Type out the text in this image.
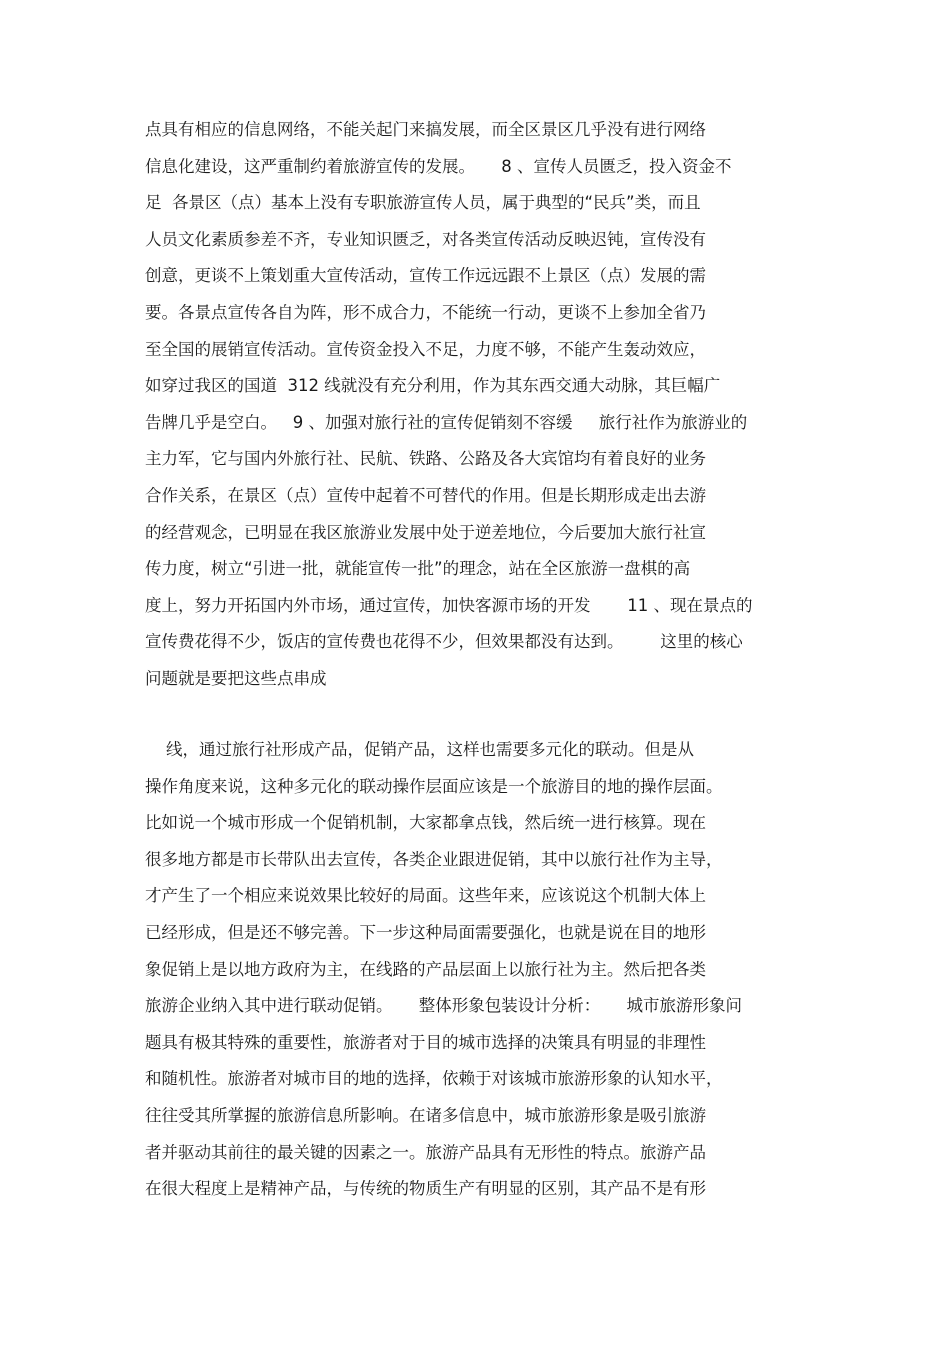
点具有相应的信息网络，不能关起门来搞发展，而全区景区几乎没有进行网络
信息化建设，这严重制约着旅游宣传的发展。     8 、宣传人员匮乏，投入资金不
足  各景区（点）基本上没有专职旅游宣传人员，属于典型的“民兵”类，而且
人员文化素质参差不齐，专业知识匮乏，对各类宣传活动反映迟钝，宣传没有
创意，更谈不上策划重大宣传活动，宣传工作远远跟不上景区（点）发展的需
要。各景点宣传各自为阵，形不成合力，不能统一行动，更谈不上参加全省乃
至全国的展销宣传活动。宣传资金投入不足，力度不够，不能产生轰动效应，
如穿过我区的国道  312 线就没有充分利用，作为其东西交通大动脉，其巨幅广
告牌几乎是空白。   9 、加强对旅行社的宣传促销刻不容缓     旅行社作为旅游业的
主力军，它与国内外旅行社、民航、铁路、公路及各大宾馆均有着良好的业务
合作关系，在景区（点）宣传中起着不可替代的作用。但是长期形成走出去游
的经营观念，已明显在我区旅游业发展中处于逆差地位，今后要加大旅行社宣
传力度，树立“引进一批，就能宣传一批”的理念，站在全区旅游一盘棋的高
度上，努力开拓国内外市场，通过宣传，加快客源市场的开发       11 、现在景点的
宣传费花得不少，饭店的宣传费也花得不少，但效果都没有达到。       这里的核心
问题就是要把这些点串成
线，通过旅行社形成产品，促销产品，这样也需要多元化的联动。但是从
操作角度来说，这种多元化的联动操作层面应该是一个旅游目的地的操作层面。
比如说一个城市形成一个促销机制，大家都拿点钱，然后统一进行核算。现在
很多地方都是市长带队出去宣传，各类企业跟进促销，其中以旅行社作为主导，
才产生了一个相应来说效果比较好的局面。这些年来，应该说这个机制大体上
已经形成，但是还不够完善。下一步这种局面需要强化，也就是说在目的地形
象促销上是以地方政府为主，在线路的产品层面上以旅行社为主。然后把各类
旅游企业纳入其中进行联动促销。     整体形象包装设计分析：     城市旅游形象问
题具有极其特殊的重要性，旅游者对于目的城市选择的决策具有明显的非理性
和随机性。旅游者对城市目的地的选择，依赖于对该城市旅游形象的认知水平，
往往受其所掌握的旅游信息所影响。在诸多信息中，城市旅游形象是吸引旅游
者并驱动其前往的最关键的因素之一。旅游产品具有无形性的特点。旅游产品
在很大程度上是精神产品，与传统的物质生产有明显的区别，其产品不是有形
